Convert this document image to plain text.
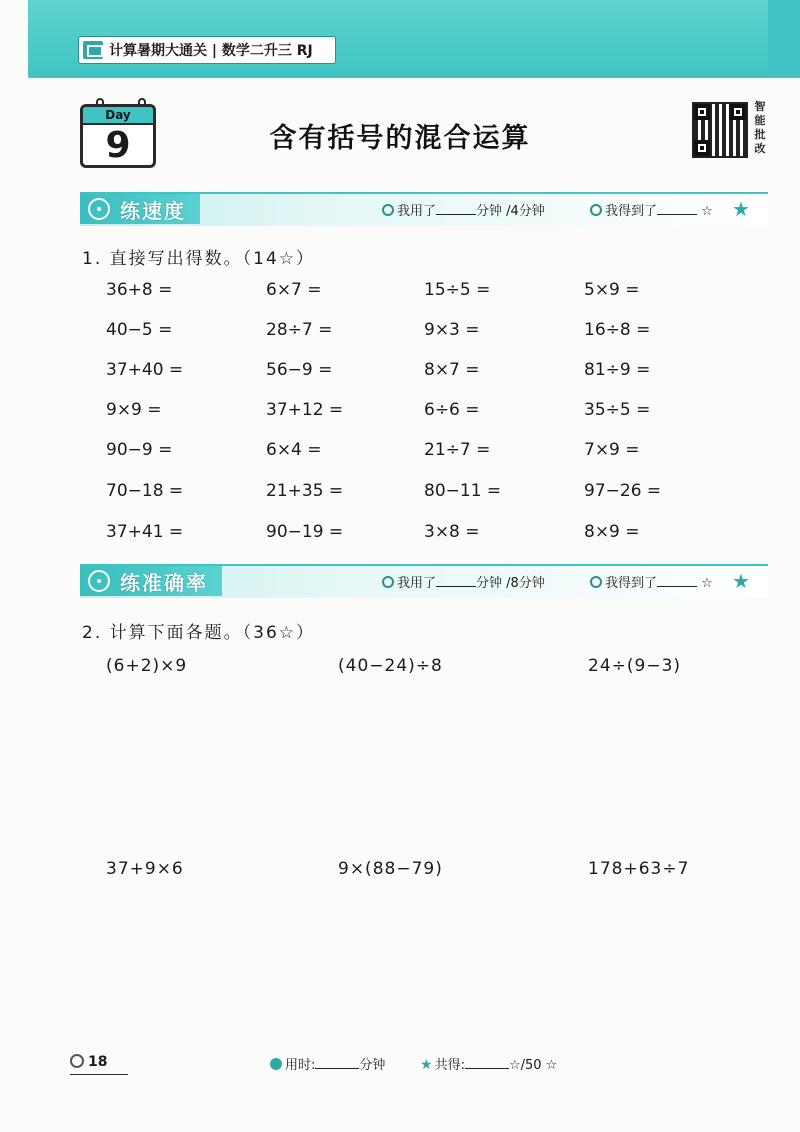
计算暑期大通关 | 数学二升三 RJ
Day
9	含有括号的混合运算
智
能
批
改
练速度	我用了	分钟 /4分钟	我得到了	☆ ★
1. 直接写出得数。（14☆）
36+8 =	6×7 =	15÷5 =	5×9 =
40−5 =	28÷7 =	9×3 =	16÷8 =
37+40 =	56−9 =	8×7 =	81÷9 =
9×9 =	37+12 =	6÷6 =	35÷5 =
90−9 =	6×4 =	21÷7 =	7×9 =
70−18 =	21+35 =	80−11 =	97−26 =
37+41 =	90−19 =	3×8 =	8×9 =
练准确率	我用了	分钟 /8分钟	我得到了	☆ ★
2. 计算下面各题。（36☆）
(6+2)×9	(40−24)÷8	24÷(9−3)
37+9×6	9×(88−79)	178+63÷7
用时:	分钟 ★ 共得:	☆/50 ☆
18
